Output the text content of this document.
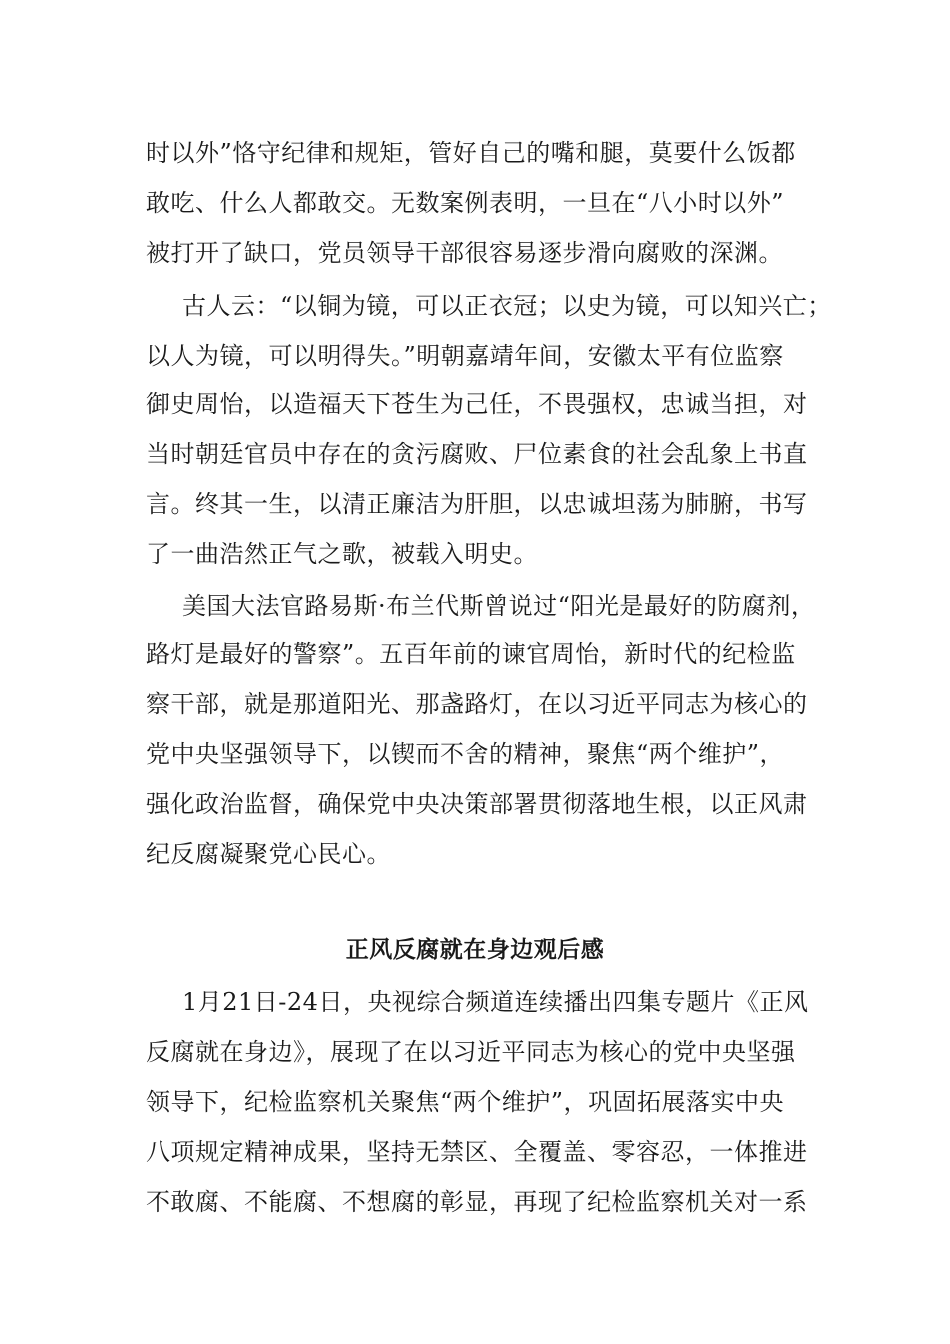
时以外”恪守纪律和规矩，管好自己的嘴和腿，莫要什么饭都
敢吃、什么人都敢交。无数案例表明，一旦在“八小时以外”
被打开了缺口，党员领导干部很容易逐步滑向腐败的深渊。
古人云：“以铜为镜，可以正衣冠；以史为镜，可以知兴亡；
以人为镜，可以明得失。”明朝嘉靖年间，安徽太平有位监察
御史周怡，以造福天下苍生为己任，不畏强权，忠诚当担，对
当时朝廷官员中存在的贪污腐败、尸位素食的社会乱象上书直
言。终其一生，以清正廉洁为肝胆，以忠诚坦荡为肺腑，书写
了一曲浩然正气之歌，被载入明史。
美国大法官路易斯·布兰代斯曾说过“阳光是最好的防腐剂，
路灯是最好的警察”。五百年前的谏官周怡，新时代的纪检监
察干部，就是那道阳光、那盏路灯，在以习近平同志为核心的
党中央坚强领导下，以锲而不舍的精神，聚焦“两个维护”，
强化政治监督，确保党中央决策部署贯彻落地生根，以正风肃
纪反腐凝聚党心民心。
正风反腐就在身边观后感
1月21日-24日，央视综合频道连续播出四集专题片《正风
反腐就在身边》，展现了在以习近平同志为核心的党中央坚强
领导下，纪检监察机关聚焦“两个维护”，巩固拓展落实中央
八项规定精神成果，坚持无禁区、全覆盖、零容忍，一体推进
不敢腐、不能腐、不想腐的彰显，再现了纪检监察机关对一系
